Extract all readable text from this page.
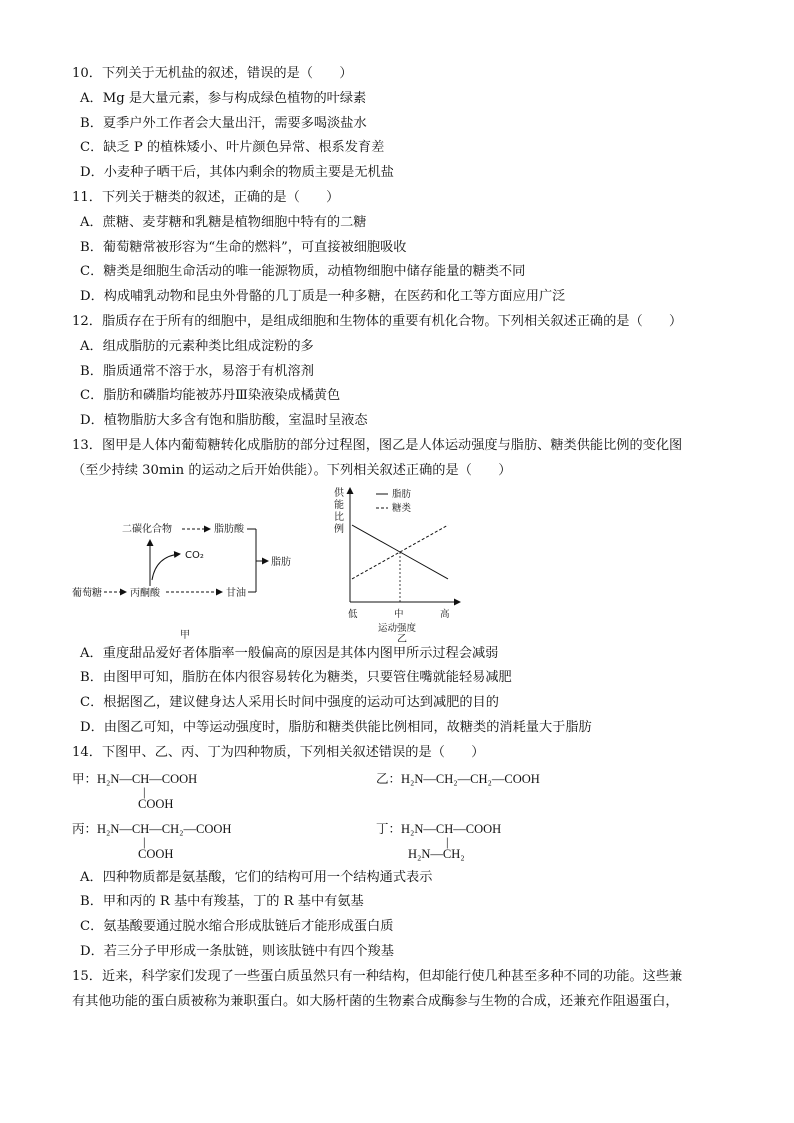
10．下列关于无机盐的叙述，错误的是（　　）
A．Mg 是大量元素，参与构成绿色植物的叶绿素
B．夏季户外工作者会大量出汗，需要多喝淡盐水
C．缺乏 P 的植株矮小、叶片颜色异常、根系发育差
D．小麦种子晒干后，其体内剩余的物质主要是无机盐
11．下列关于糖类的叙述，正确的是（　　）
A．蔗糖、麦芽糖和乳糖是植物细胞中特有的二糖
B．葡萄糖常被形容为“生命的燃料”，可直接被细胞吸收
C．糖类是细胞生命活动的唯一能源物质，动植物细胞中储存能量的糖类不同
D．构成哺乳动物和昆虫外骨骼的几丁质是一种多糖，在医药和化工等方面应用广泛
12．脂质存在于所有的细胞中，是组成细胞和生物体的重要有机化合物。下列相关叙述正确的是（　　）
A．组成脂肪的元素种类比组成淀粉的多
B．脂质通常不溶于水，易溶于有机溶剂
C．脂肪和磷脂均能被苏丹Ⅲ染液染成橘黄色
D．植物脂肪大多含有饱和脂肪酸，室温时呈液态
13．图甲是人体内葡萄糖转化成脂肪的部分过程图，图乙是人体运动强度与脂肪、糖类供能比例的变化图
（至少持续 30min 的运动之后开始供能）。下列相关叙述正确的是（　　）
二碳化合物	脂肪酸
CO₂
脂肪
葡萄糖	丙酮酸	甘油
甲
供
能
比
例
脂肪
糖类
低	中	高
运动强度
乙
A．重度甜品爱好者体脂率一般偏高的原因是其体内图甲所示过程会减弱
B．由图甲可知，脂肪在体内很容易转化为糖类，只要管住嘴就能轻易减肥
C．根据图乙，建议健身达人采用长时间中强度的运动可达到减肥的目的
D．由图乙可知，中等运动强度时，脂肪和糖类供能比例相同，故糖类的消耗量大于脂肪
14．下图甲、乙、丙、丁为四种物质，下列相关叙述错误的是（　　）
甲：H₂N—CH—COOH
|
COOH
乙：H₂N—CH₂—CH₂—COOH
丙：H₂N—CH—CH₂—COOH
|
COOH
丁：H₂N—CH—COOH
|
H₂N—CH₂
A．四种物质都是氨基酸，它们的结构可用一个结构通式表示
B．甲和丙的 R 基中有羧基，丁的 R 基中有氨基
C．氨基酸要通过脱水缩合形成肽链后才能形成蛋白质
D．若三分子甲形成一条肽链，则该肽链中有四个羧基
15．近来，科学家们发现了一些蛋白质虽然只有一种结构，但却能行使几种甚至多种不同的功能。这些兼
有其他功能的蛋白质被称为兼职蛋白。如大肠杆菌的生物素合成酶参与生物的合成，还兼充作阻遏蛋白，
